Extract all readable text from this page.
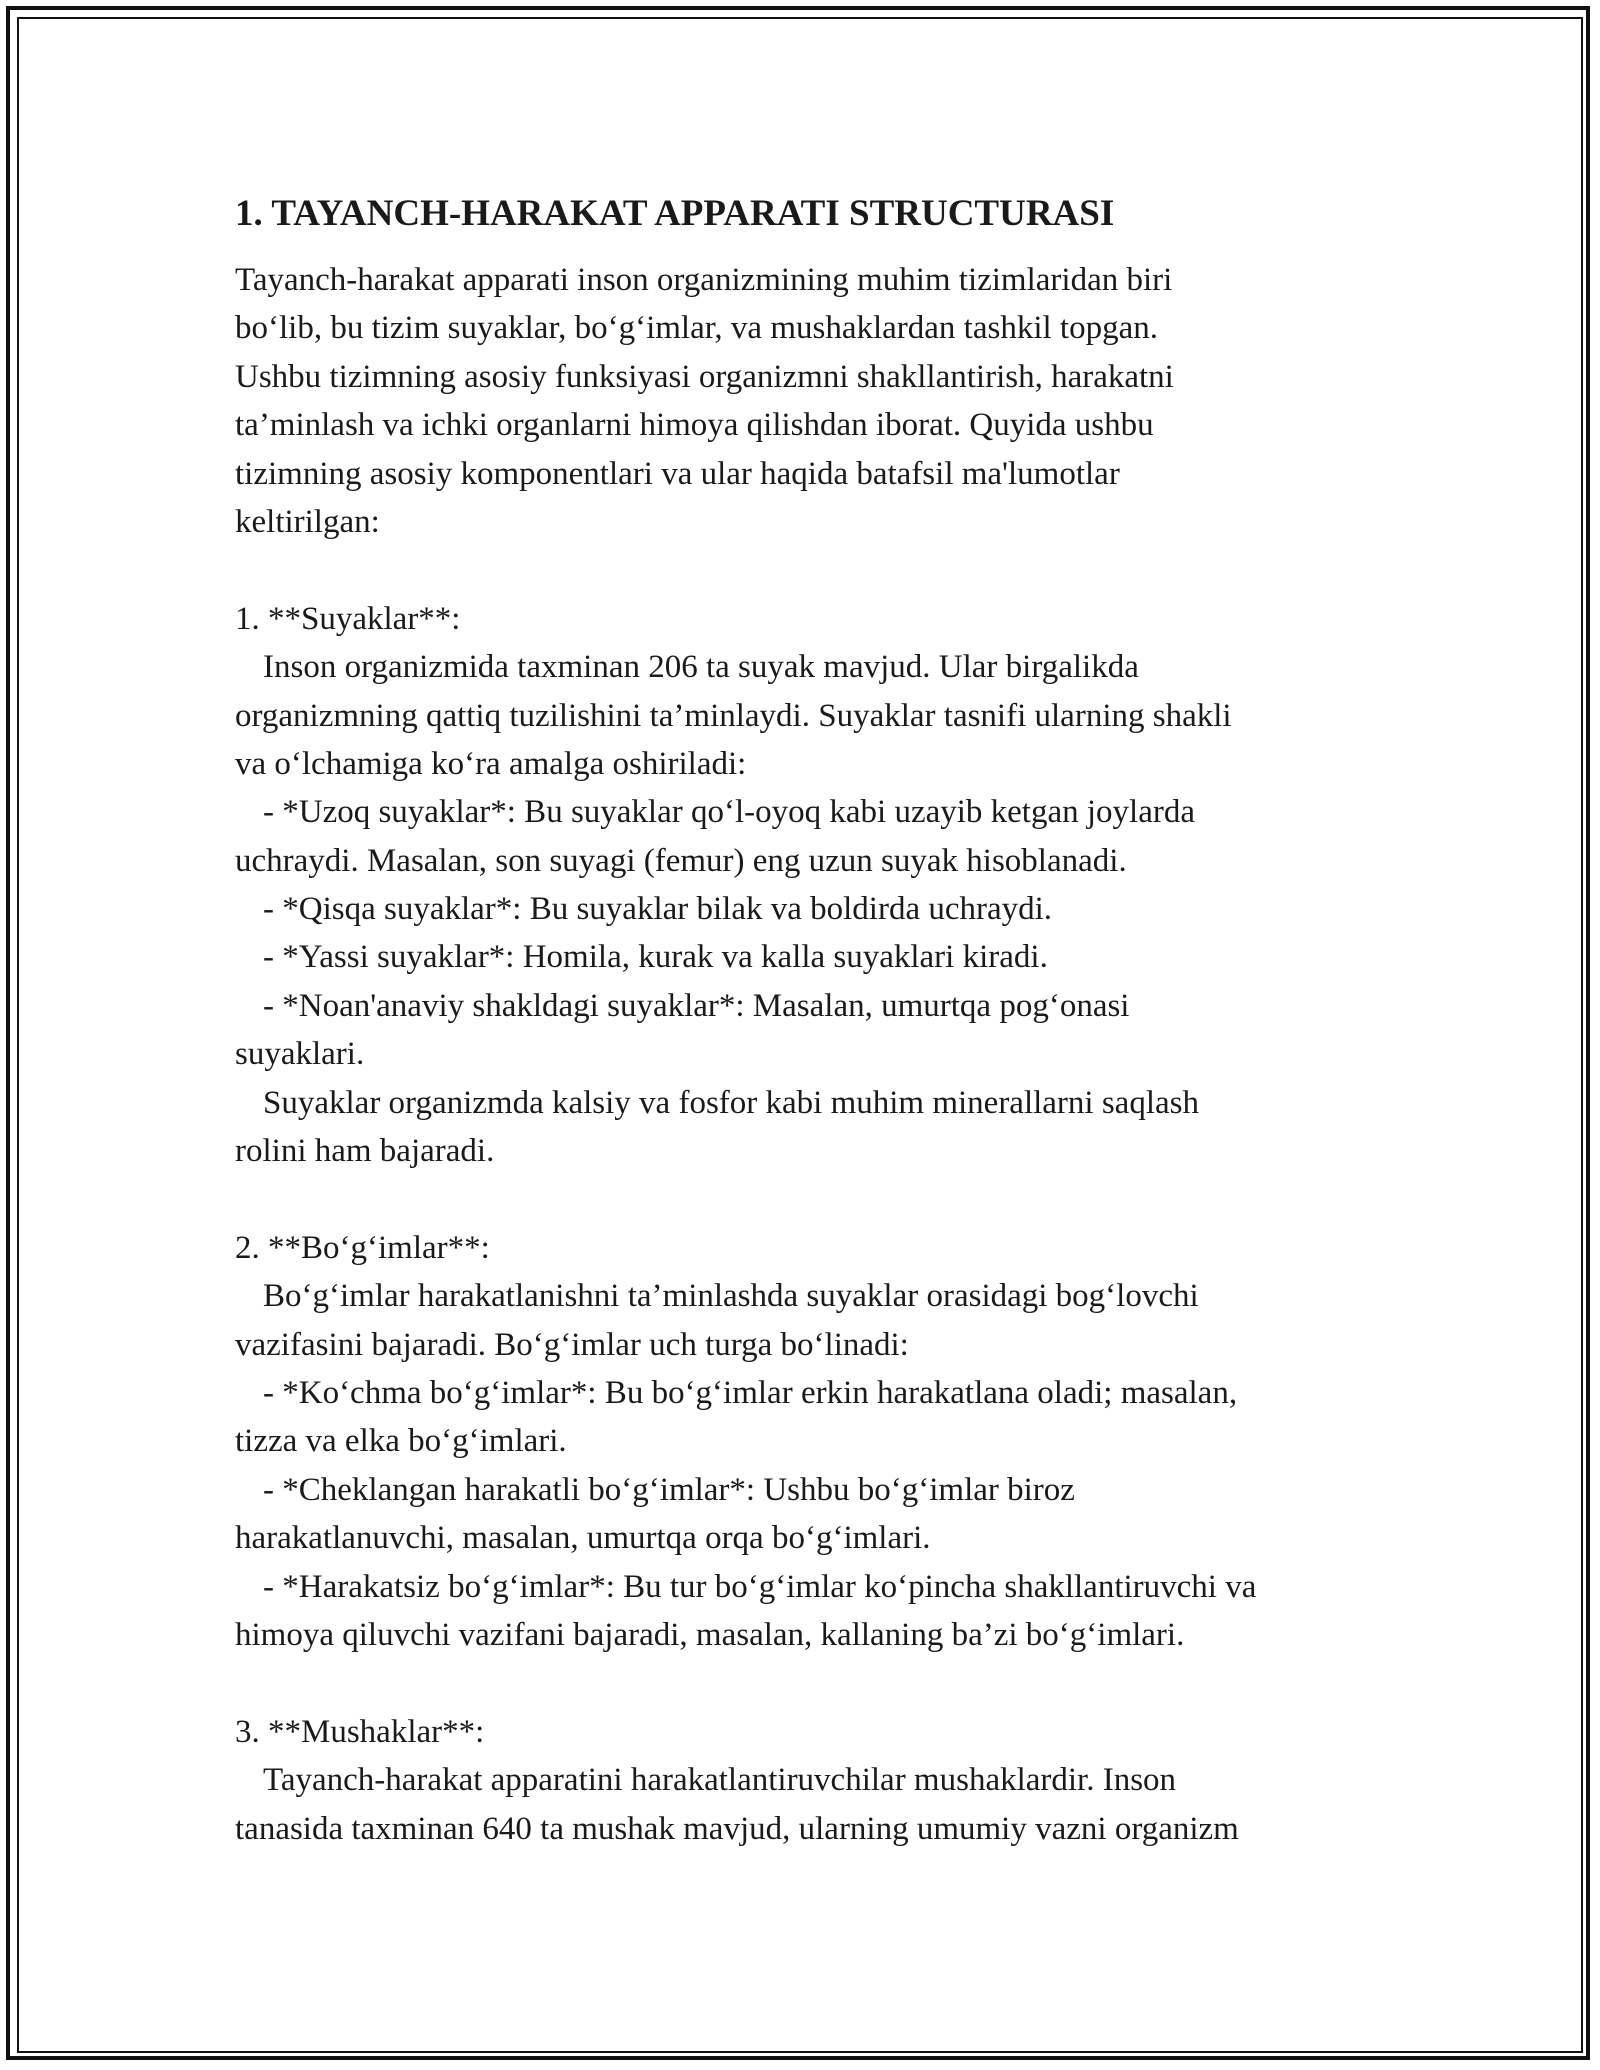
1. TAYANCH-HARAKAT APPARATI STRUCTURASI
Tayanch-harakat apparati inson organizmining muhim tizimlaridan biri
bo‘lib, bu tizim suyaklar, bo‘g‘imlar, va mushaklardan tashkil topgan.
Ushbu tizimning asosiy funksiyasi organizmni shakllantirish, harakatni
ta’minlash va ichki organlarni himoya qilishdan iborat. Quyida ushbu
tizimning asosiy komponentlari va ular haqida batafsil ma'lumotlar
keltirilgan:
1. **Suyaklar**:
Inson organizmida taxminan 206 ta suyak mavjud. Ular birgalikda
organizmning qattiq tuzilishini ta’minlaydi. Suyaklar tasnifi ularning shakli
va o‘lchamiga ko‘ra amalga oshiriladi:
- *Uzoq suyaklar*: Bu suyaklar qo‘l-oyoq kabi uzayib ketgan joylarda
uchraydi. Masalan, son suyagi (femur) eng uzun suyak hisoblanadi.
- *Qisqa suyaklar*: Bu suyaklar bilak va boldirda uchraydi.
- *Yassi suyaklar*: Homila, kurak va kalla suyaklari kiradi.
- *Noan'anaviy shakldagi suyaklar*: Masalan, umurtqa pog‘onasi
suyaklari.
Suyaklar organizmda kalsiy va fosfor kabi muhim minerallarni saqlash
rolini ham bajaradi.
2. **Bo‘g‘imlar**:
Bo‘g‘imlar harakatlanishni ta’minlashda suyaklar orasidagi bog‘lovchi
vazifasini bajaradi. Bo‘g‘imlar uch turga bo‘linadi:
- *Ko‘chma bo‘g‘imlar*: Bu bo‘g‘imlar erkin harakatlana oladi; masalan,
tizza va elka bo‘g‘imlari.
- *Cheklangan harakatli bo‘g‘imlar*: Ushbu bo‘g‘imlar biroz
harakatlanuvchi, masalan, umurtqa orqa bo‘g‘imlari.
- *Harakatsiz bo‘g‘imlar*: Bu tur bo‘g‘imlar ko‘pincha shakllantiruvchi va
himoya qiluvchi vazifani bajaradi, masalan, kallaning ba’zi bo‘g‘imlari.
3. **Mushaklar**:
Tayanch-harakat apparatini harakatlantiruvchilar mushaklardir. Inson
tanasida taxminan 640 ta mushak mavjud, ularning umumiy vazni organizm
